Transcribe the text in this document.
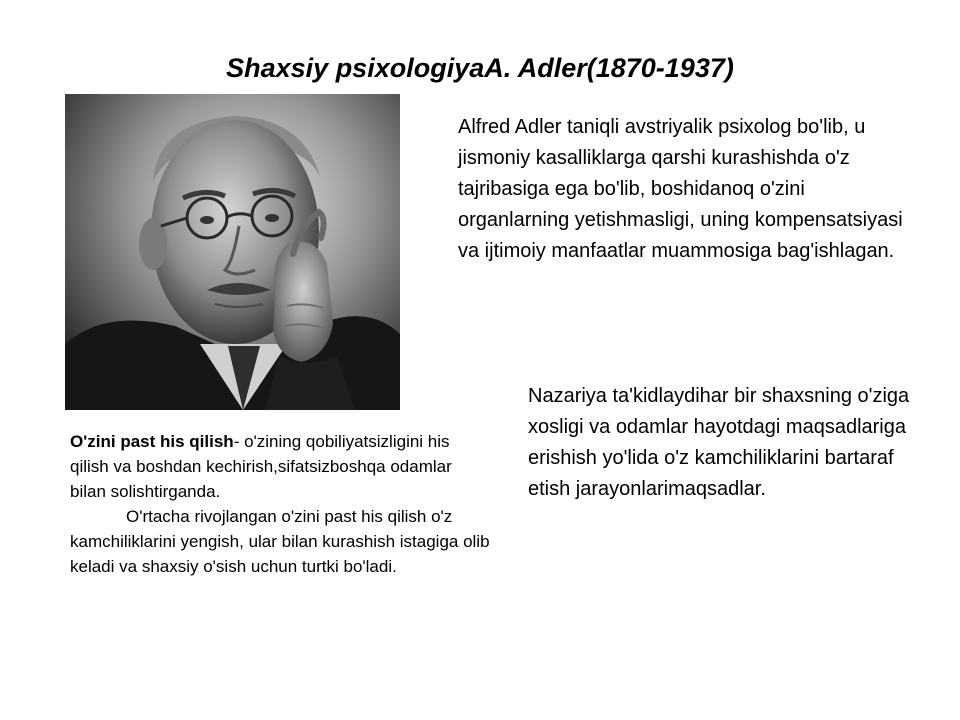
Shaxsiy psixologiyaA. Adler(1870-1937)

Alfred Adler taniqli avstriyalik psixolog bo'lib, u jismoniy kasalliklarga qarshi kurashishda o'z tajribasiga ega bo'lib, boshidanoq o'zini organlarning yetishmasligi, uning kompensatsiyasi va ijtimoiy manfaatlar muammosiga bag'ishlagan.

Nazariya ta'kidlaydihar bir shaxsning o'ziga xosligi va odamlar hayotdagi maqsadlariga erishish yo'lida o'z kamchiliklarini bartaraf etish jarayonlarimaqsadlar.

O'zini past his qilish- o'zining qobiliyatsizligini his qilish va boshdan kechirish,sifatsizboshqa odamlar bilan solishtirganda.

O'rtacha rivojlangan o'zini past his qilish o'z kamchiliklarini yengish, ular bilan kurashish istagiga olib keladi va shaxsiy o'sish uchun turtki bo'ladi.
